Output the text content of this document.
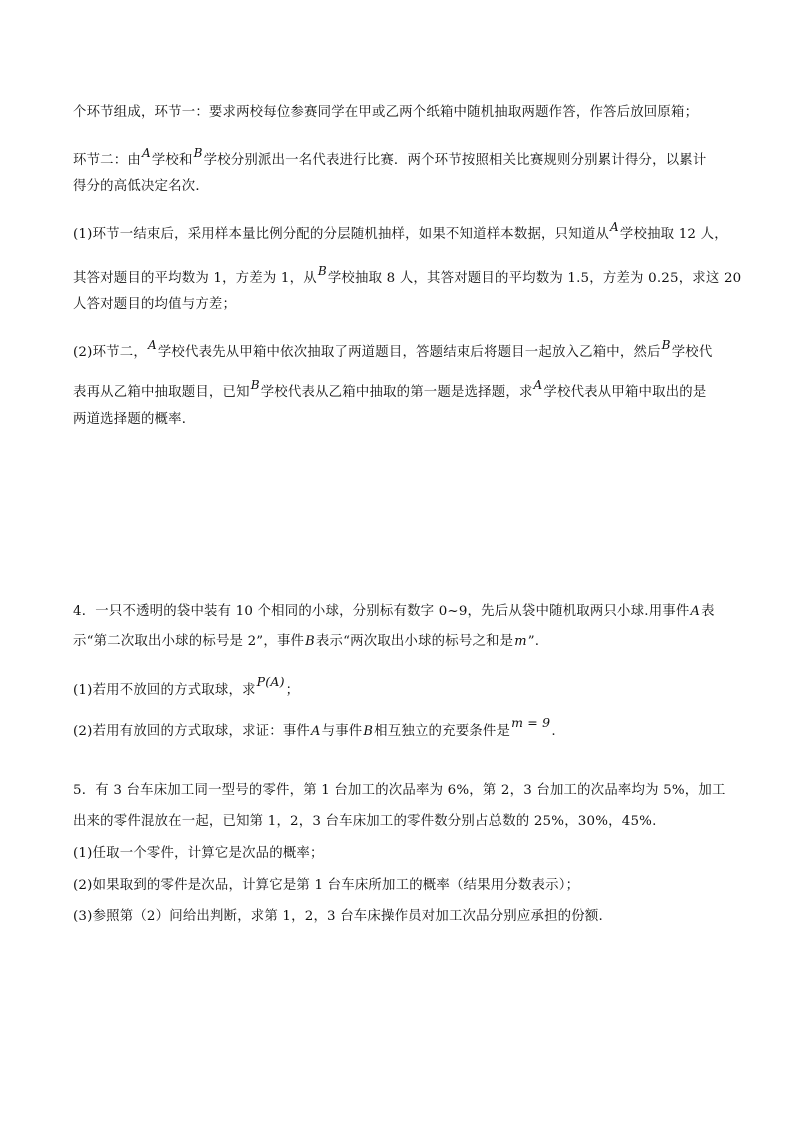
个环节组成，环节一：要求两校每位参赛同学在甲或乙两个纸箱中随机抽取两题作答，作答后放回原箱；
环节二：由A学校和B学校分别派出一名代表进行比赛．两个环节按照相关比赛规则分别累计得分，以累计
得分的高低决定名次．
(1)环节一结束后，采用样本量比例分配的分层随机抽样，如果不知道样本数据，只知道从A学校抽取 12 人，
其答对题目的平均数为 1，方差为 1，从B学校抽取 8 人，其答对题目的平均数为 1.5，方差为 0.25，求这 20
人答对题目的均值与方差；
(2)环节二，A学校代表先从甲箱中依次抽取了两道题目，答题结束后将题目一起放入乙箱中，然后B学校代
表再从乙箱中抽取题目，已知B学校代表从乙箱中抽取的第一题是选择题，求A学校代表从甲箱中取出的是
两道选择题的概率．
4．一只不透明的袋中装有 10 个相同的小球，分别标有数字 0~9，先后从袋中随机取两只小球.用事件A表
示“第二次取出小球的标号是 2”，事件B表示“两次取出小球的标号之和是m”.
(1)若用不放回的方式取球，求P(A)；
(2)若用有放回的方式取球，求证：事件A与事件B相互独立的充要条件是m = 9.
5．有 3 台车床加工同一型号的零件，第 1 台加工的次品率为 6%，第 2，3 台加工的次品率均为 5%，加工
出来的零件混放在一起，已知第 1，2，3 台车床加工的零件数分别占总数的 25%，30%，45%.
(1)任取一个零件，计算它是次品的概率；
(2)如果取到的零件是次品，计算它是第 1 台车床所加工的概率（结果用分数表示）；
(3)参照第（2）问给出判断，求第 1，2，3 台车床操作员对加工次品分别应承担的份额.
